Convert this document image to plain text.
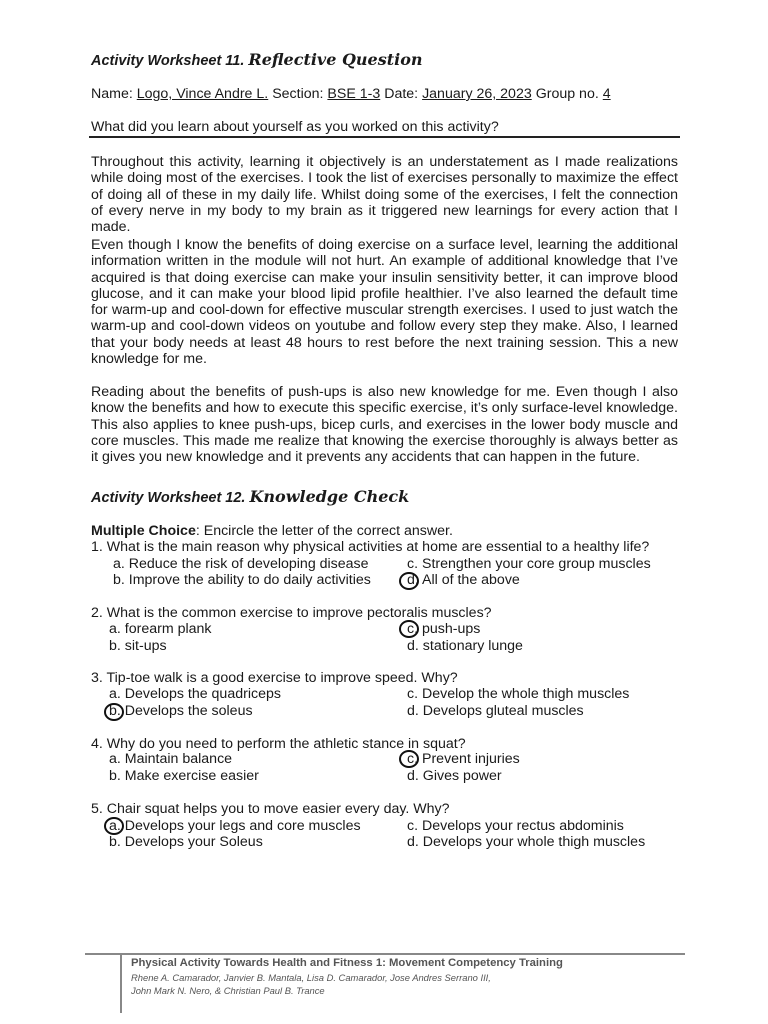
Activity Worksheet 11. Reflective Question
Name: Logo, Vince Andre L. Section: BSE 1-3 Date: January 26, 2023 Group no. 4
What did you learn about yourself as you worked on this activity?
Throughout this activity, learning it objectively is an understatement as I made realizations while doing most of the exercises. I took the list of exercises personally to maximize the effect of doing all of these in my daily life. Whilst doing some of the exercises, I felt the connection of every nerve in my body to my brain as it triggered new learnings for every action that I made.
Even though I know the benefits of doing exercise on a surface level, learning the additional information written in the module will not hurt. An example of additional knowledge that I’ve acquired is that doing exercise can make your insulin sensitivity better, it can improve blood glucose, and it can make your blood lipid profile healthier. I’ve also learned the default time for warm-up and cool-down for effective muscular strength exercises. I used to just watch the warm-up and cool-down videos on youtube and follow every step they make. Also, I learned that your body needs at least 48 hours to rest before the next training session. This a new knowledge for me.
Reading about the benefits of push-ups is also new knowledge for me. Even though I also know the benefits and how to execute this specific exercise, it’s only surface-level knowledge. This also applies to knee push-ups, bicep curls, and exercises in the lower body muscle and core muscles. This made me realize that knowing the exercise thoroughly is always better as it gives you new knowledge and it prevents any accidents that can happen in the future.
Activity Worksheet 12. Knowledge Check
Multiple Choice: Encircle the letter of the correct answer.
1. What is the main reason why physical activities at home are essential to a healthy life?
a. Reduce the risk of developing disease	c. Strengthen your core group muscles
b. Improve the ability to do daily activities	d. All of the above
2. What is the common exercise to improve pectoralis muscles?
a. forearm plank	c. push-ups
b. sit-ups	d. stationary lunge
3. Tip-toe walk is a good exercise to improve speed. Why?
a. Develops the quadriceps	c. Develop the whole thigh muscles
b. Develops the soleus	d. Develops gluteal muscles
4. Why do you need to perform the athletic stance in squat?
a. Maintain balance	c. Prevent injuries
b. Make exercise easier	d. Gives power
5. Chair squat helps you to move easier every day. Why?
a. Develops your legs and core muscles	c. Develops your rectus abdominis
b. Develops your Soleus	d. Develops your whole thigh muscles
Physical Activity Towards Health and Fitness 1: Movement Competency Training
Rhene A. Camarador, Janvier B. Mantala, Lisa D. Camarador, Jose Andres Serrano III,
John Mark N. Nero, & Christian Paul B. Trance
